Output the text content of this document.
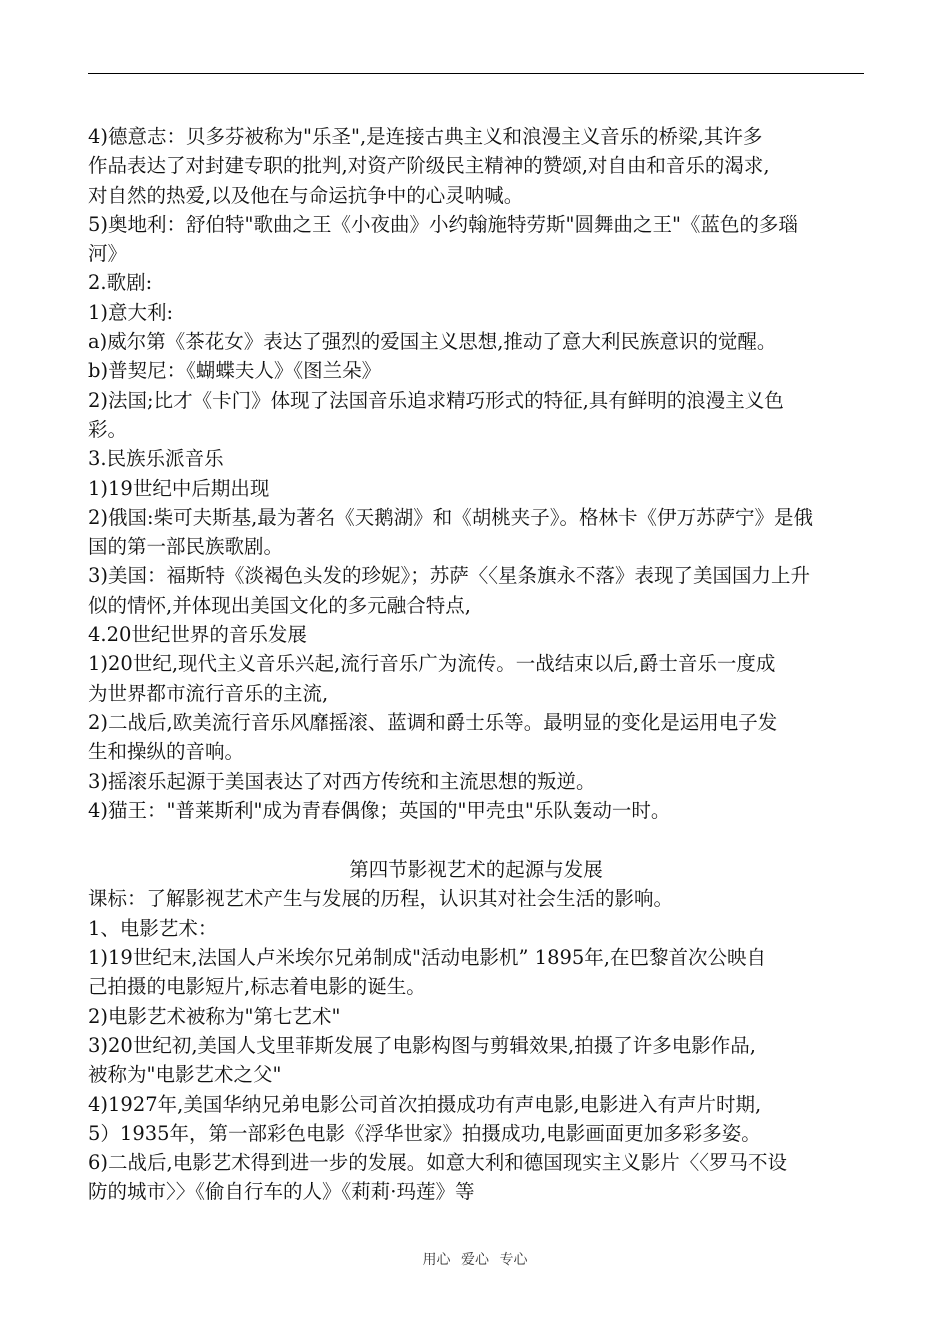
4)德意志：贝多芬被称为"乐圣",是连接古典主义和浪漫主义音乐的桥梁,其许多
作品表达了对封建专职的批判,对资产阶级民主精神的赞颂,对自由和音乐的渴求,
对自然的热爱,以及他在与命运抗争中的心灵呐喊。
5)奥地利：舒伯特"歌曲之王《小夜曲》小约翰施特劳斯"圆舞曲之王"《蓝色的多瑙
河》
2.歌剧:
1)意大利:
a)威尔第《茶花女》表达了强烈的爱国主义思想,推动了意大利民族意识的觉醒。
b)普契尼：《蝴蝶夫人》《图兰朵》
2)法国;比才《卡门》体现了法国音乐追求精巧形式的特征,具有鲜明的浪漫主义色
彩。
3.民族乐派音乐
1)19世纪中后期出现
2)俄国:柴可夫斯基,最为著名《天鹅湖》和《胡桃夹子》。格林卡《伊万苏萨宁》是俄
国的第一部民族歌剧。
3)美国：福斯特《淡褐色头发的珍妮》；苏萨〈〈星条旗永不落》表现了美国国力上升
似的情怀,并体现出美国文化的多元融合特点,
4.20世纪世界的音乐发展
1)20世纪,现代主义音乐兴起,流行音乐广为流传。一战结束以后,爵士音乐一度成
为世界都市流行音乐的主流,
2)二战后,欧美流行音乐风靡摇滚、蓝调和爵士乐等。最明显的变化是运用电子发
生和操纵的音响。
3)摇滚乐起源于美国表达了对西方传统和主流思想的叛逆。
4)猫王："普莱斯利"成为青春偶像；英国的"甲壳虫"乐队轰动一时。
第四节影视艺术的起源与发展
课标：了解影视艺术产生与发展的历程，认识其对社会生活的影响。
1、电影艺术：
1)19世纪末,法国人卢米埃尔兄弟制成"活动电影机” 1895年,在巴黎首次公映自
己拍摄的电影短片,标志着电影的诞生。
2)电影艺术被称为"第七艺术"
3)20世纪初,美国人戈里菲斯发展了电影构图与剪辑效果,拍摄了许多电影作品,
被称为"电影艺术之父"
4)1927年,美国华纳兄弟电影公司首次拍摄成功有声电影,电影进入有声片时期,
5）1935年，第一部彩色电影《浮华世家》拍摄成功,电影画面更加多彩多姿。
6)二战后,电影艺术得到进一步的发展。如意大利和德国现实主义影片〈〈罗马不设
防的城市〉〉《偷自行车的人》《莉莉·玛莲》等
用心 爱心 专心
